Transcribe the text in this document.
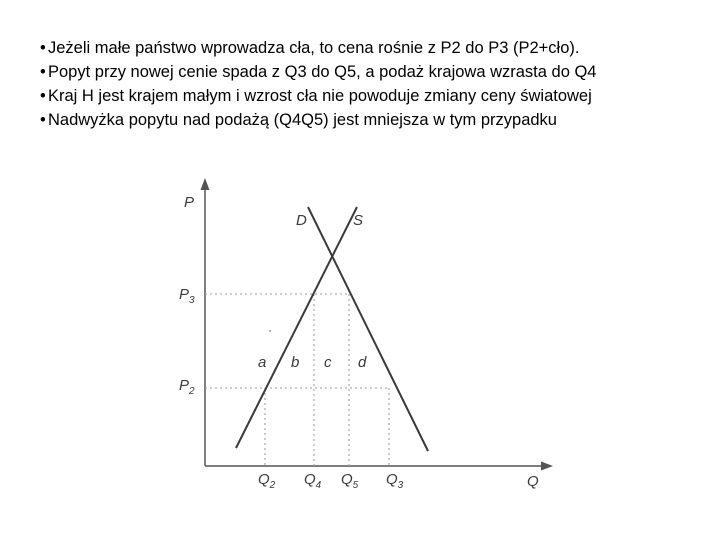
• Jeżeli małe państwo wprowadza cła, to cena rośnie z P2 do P3 (P2+cło).
• Popyt przy nowej cenie spada z Q3 do Q5, a podaż krajowa wzrasta do Q4
• Kraj H jest krajem małym i wzrost cła nie powoduje zmiany ceny światowej
• Nadwyżka popytu nad podażą (Q4Q5) jest mniejsza w tym przypadku
P
Q
D	S
$P_3$
$P_2$
$Q_2$ $Q_4$ $Q_5$ $Q_3$
a b c d
